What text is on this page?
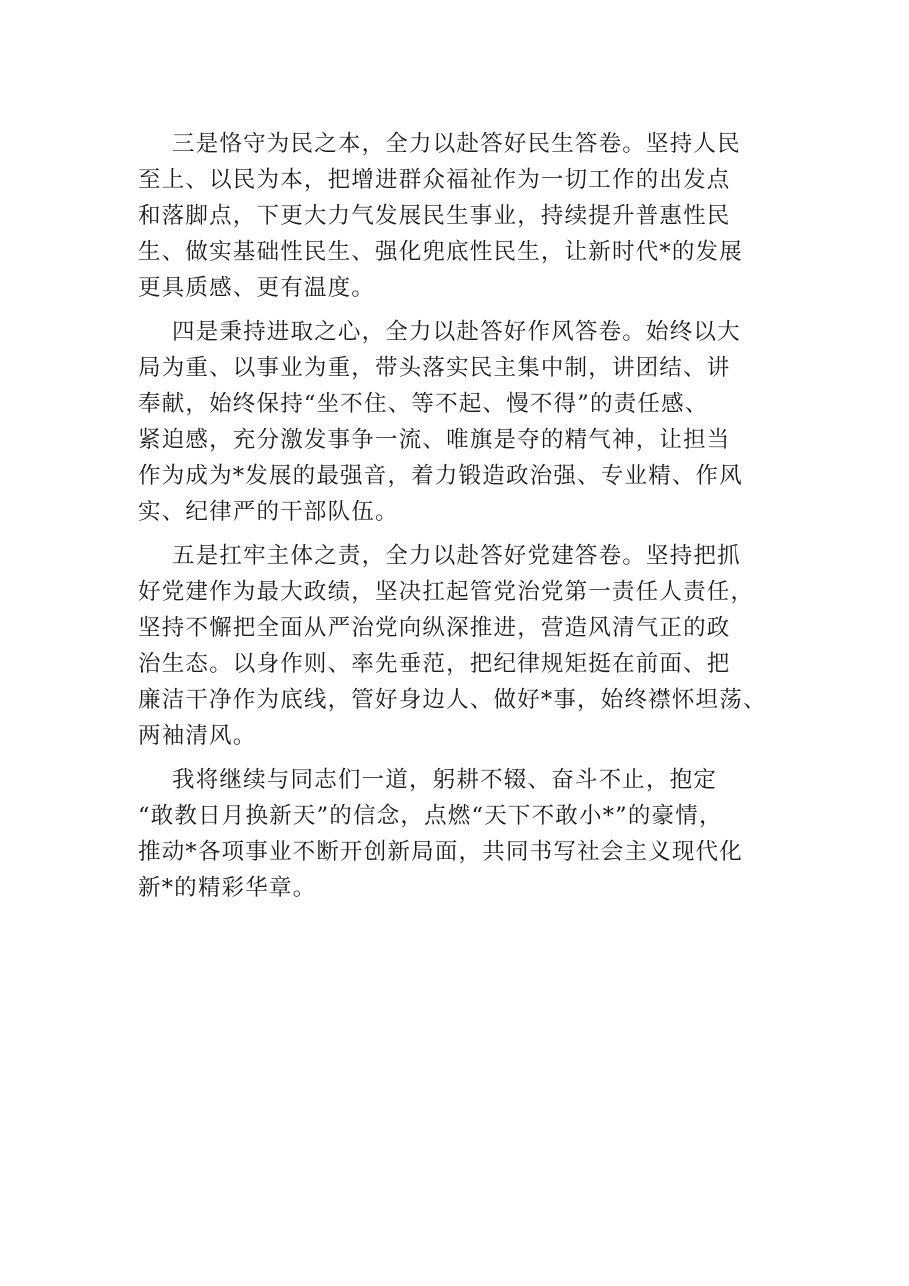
三是恪守为民之本，全力以赴答好民生答卷。坚持人民
至上、以民为本，把增进群众福祉作为一切工作的出发点
和落脚点，下更大力气发展民生事业，持续提升普惠性民
生、做实基础性民生、强化兜底性民生，让新时代*的发展
更具质感、更有温度。

四是秉持进取之心，全力以赴答好作风答卷。始终以大
局为重、以事业为重，带头落实民主集中制，讲团结、讲
奉献，始终保持“坐不住、等不起、慢不得”的责任感、
紧迫感，充分激发事争一流、唯旗是夺的精气神，让担当
作为成为*发展的最强音，着力锻造政治强、专业精、作风
实、纪律严的干部队伍。

五是扛牢主体之责，全力以赴答好党建答卷。坚持把抓
好党建作为最大政绩，坚决扛起管党治党第一责任人责任，
坚持不懈把全面从严治党向纵深推进，营造风清气正的政
治生态。以身作则、率先垂范，把纪律规矩挺在前面、把
廉洁干净作为底线，管好身边人、做好*事，始终襟怀坦荡、
两袖清风。

我将继续与同志们一道，躬耕不辍、奋斗不止，抱定
“敢教日月换新天”的信念，点燃“天下不敢小*”的豪情，
推动*各项事业不断开创新局面，共同书写社会主义现代化
新*的精彩华章。
